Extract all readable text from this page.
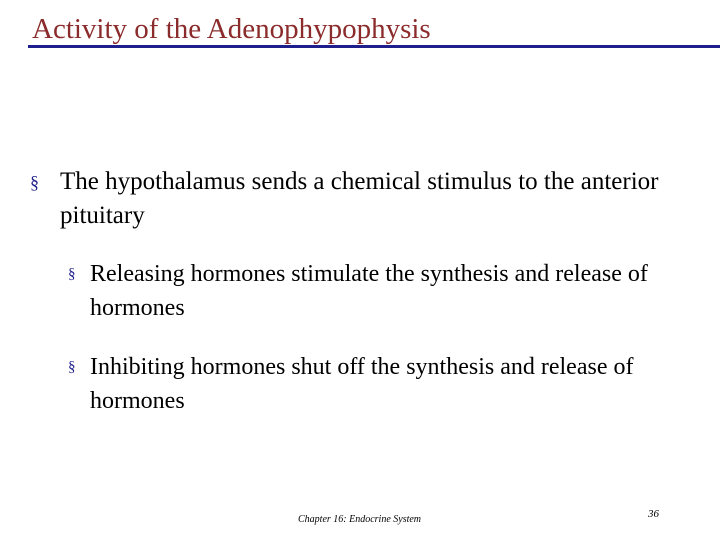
Activity of the Adenophypophysis
§ The hypothalamus sends a chemical stimulus to the anterior pituitary
§ Releasing hormones stimulate the synthesis and release of hormones
§ Inhibiting hormones shut off the synthesis and release of hormones
Chapter 16: Endocrine System	36
